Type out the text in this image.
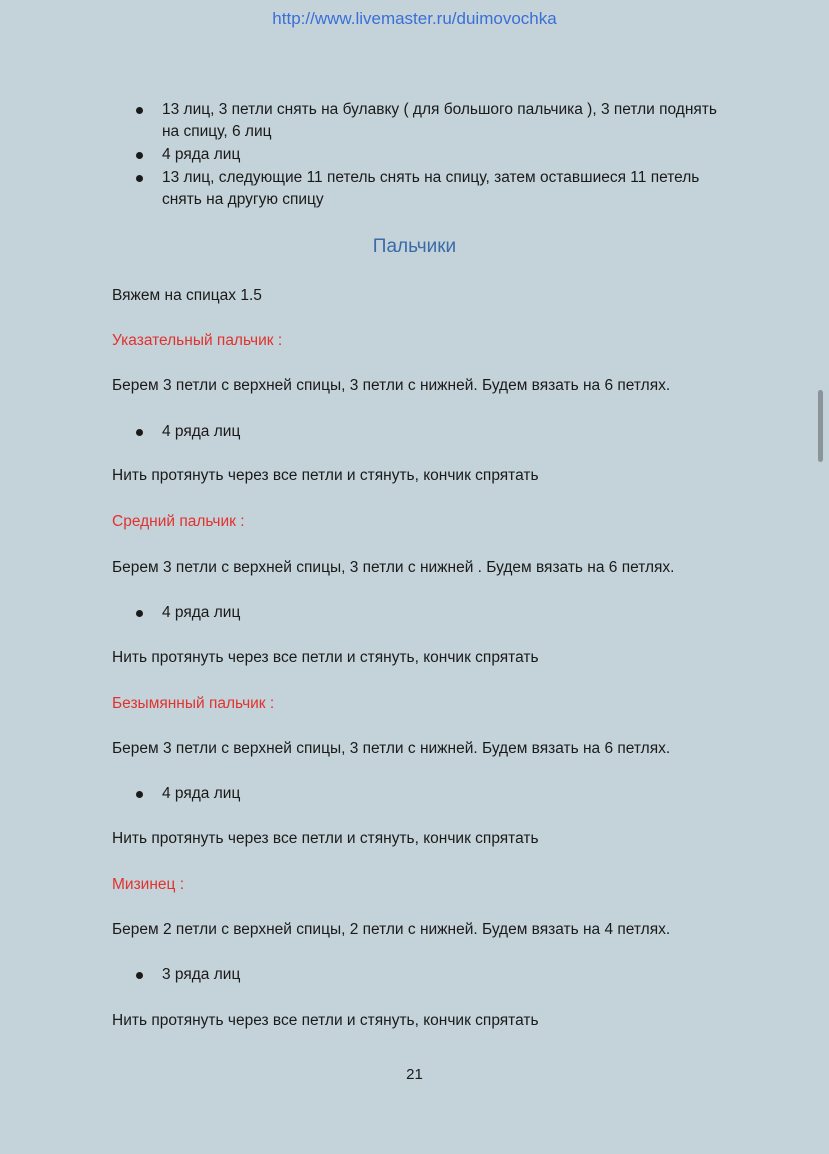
http://www.livemaster.ru/duimovochka
13 лиц, 3 петли снять на булавку ( для большого пальчика ), 3 петли поднять на спицу, 6 лиц
4 ряда лиц
13 лиц, следующие 11 петель снять на спицу, затем оставшиеся 11 петель снять на другую спицу
Пальчики
Вяжем на спицах 1.5
Указательный пальчик :
Берем 3 петли с верхней спицы, 3 петли с нижней. Будем вязать на 6 петлях.
4 ряда лиц
Нить протянуть через все петли и стянуть, кончик спрятать
Средний пальчик :
Берем 3 петли с верхней спицы, 3 петли с нижней . Будем вязать на 6 петлях.
4 ряда лиц
Нить протянуть через все петли и стянуть, кончик спрятать
Безымянный пальчик :
Берем 3 петли с верхней спицы, 3 петли с нижней. Будем вязать на 6 петлях.
4 ряда лиц
Нить протянуть через все петли и стянуть, кончик спрятать
Мизинец :
Берем 2 петли с верхней спицы, 2 петли с нижней. Будем вязать на 4 петлях.
3 ряда лиц
Нить протянуть через все петли и стянуть, кончик спрятать
21
